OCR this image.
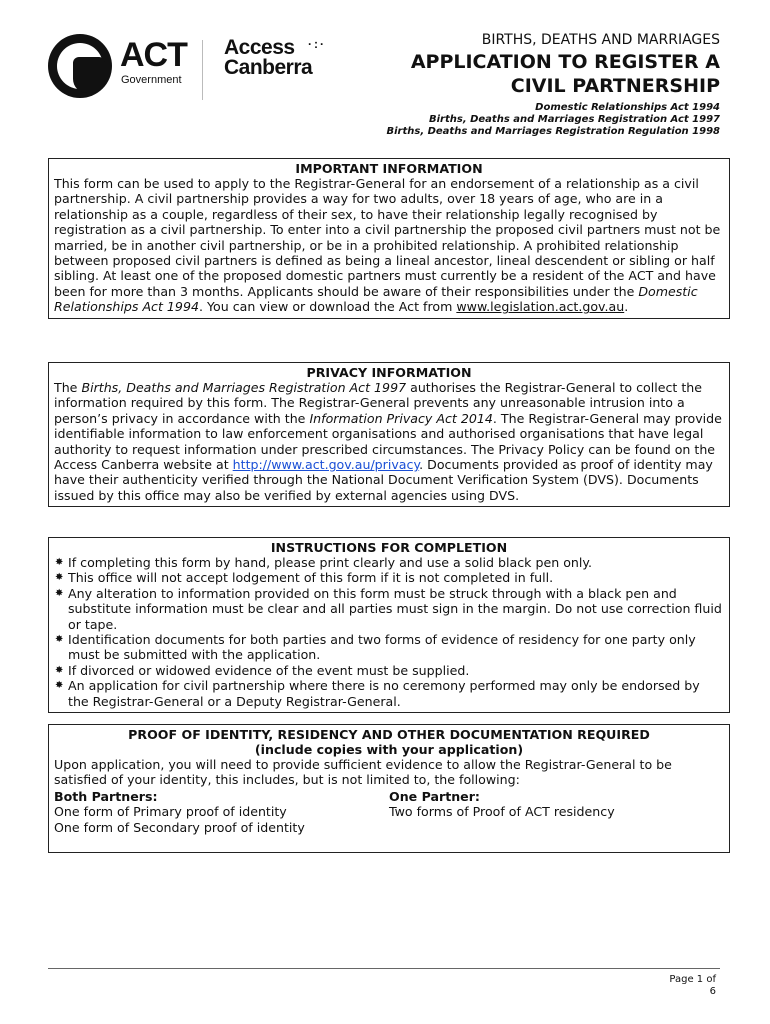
ACT
Government
Access
Canberra
·:·	BIRTHS, DEATHS AND MARRIAGES
APPLICATION TO REGISTER A
CIVIL PARTNERSHIP
Domestic Relationships Act 1994
Births, Deaths and Marriages Registration Act 1997
Births, Deaths and Marriages Registration Regulation 1998
IMPORTANT INFORMATION

This form can be used to apply to the Registrar-General for an endorsement of a relationship as a civil partnership. A civil partnership provides a way for two adults, over 18 years of age, who are in a relationship as a couple, regardless of their sex, to have their relationship legally recognised by registration as a civil partnership. To enter into a civil partnership the proposed civil partners must not be married, be in another civil partnership, or be in a prohibited relationship. A prohibited relationship between proposed civil partners is defined as being a lineal ancestor, lineal descendent or sibling or half sibling. At least one of the proposed domestic partners must currently be a resident of the ACT and have been for more than 3 months. Applicants should be aware of their responsibilities under the Domestic Relationships Act 1994. You can view or download the Act from www.legislation.act.gov.au.

PRIVACY INFORMATION

The Births, Deaths and Marriages Registration Act 1997 authorises the Registrar-General to collect the information required by this form. The Registrar-General prevents any unreasonable intrusion into a person’s privacy in accordance with the Information Privacy Act 2014. The Registrar-General may provide identifiable information to law enforcement organisations and authorised organisations that have legal authority to request information under prescribed circumstances. The Privacy Policy can be found on the Access Canberra website at http://www.act.gov.au/privacy. Documents provided as proof of identity may have their authenticity verified through the National Document Verification System (DVS). Documents issued by this office may also be verified by external agencies using DVS.

INSTRUCTIONS FOR COMPLETION
✸ If completing this form by hand, please print clearly and use a solid black pen only.
✸ This office will not accept lodgement of this form if it is not completed in full.
✸ Any alteration to information provided on this form must be struck through with a black pen and substitute information must be clear and all parties must sign in the margin. Do not use correction fluid or tape.
✸ Identification documents for both parties and two forms of evidence of residency for one party only must be submitted with the application.
✸ If divorced or widowed evidence of the event must be supplied.
✸ An application for civil partnership where there is no ceremony performed may only be endorsed by the Registrar-General or a Deputy Registrar-General.
PROOF OF IDENTITY, RESIDENCY AND OTHER DOCUMENTATION REQUIRED
(include copies with your application)

Upon application, you will need to provide sufficient evidence to allow the Registrar-General to be satisfied of your identity, this includes, but is not limited to, the following:

Both Partners:
One form of Primary proof of identity
One form of Secondary proof of identity
One Partner:
Two forms of Proof of ACT residency
Page 1 of
6
